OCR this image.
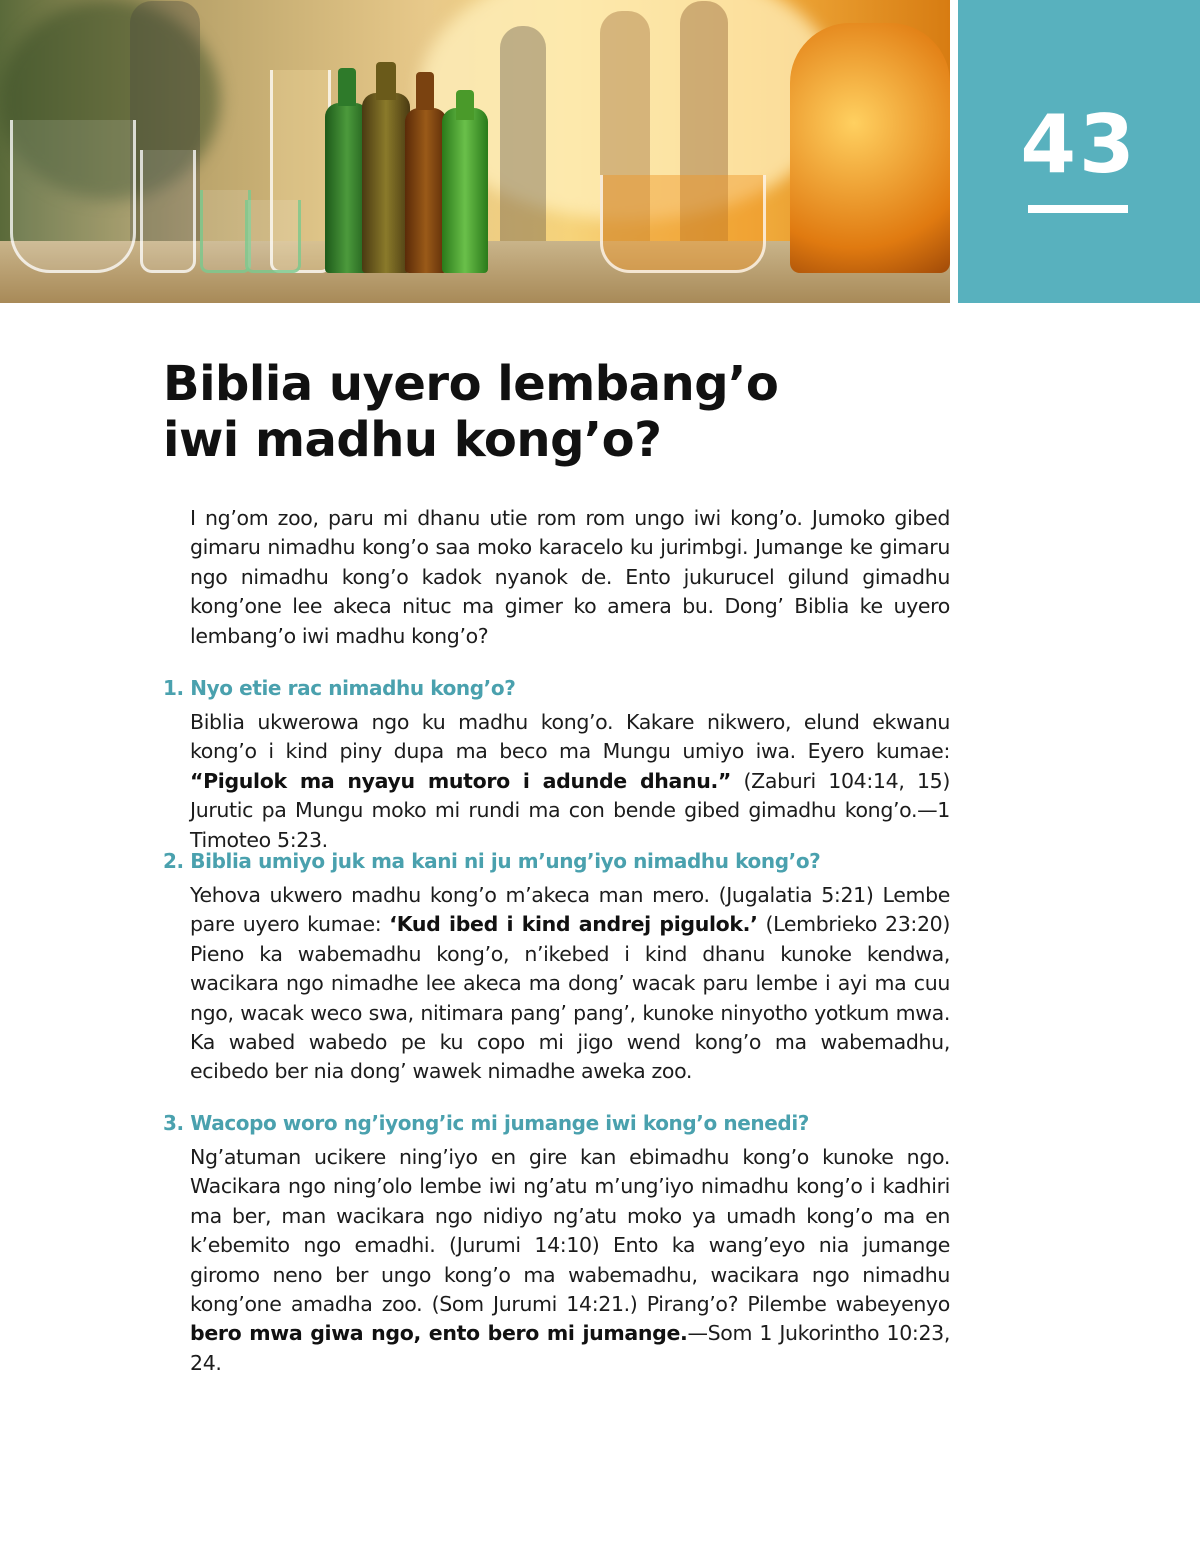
43
Biblia uyero lembang’o
iwi madhu kong’o?

I ng’om zoo, paru mi dhanu utie rom rom ungo iwi kong’o. Jumoko gibed gimaru nimadhu kong’o saa moko karacelo ku jurimbgi. Jumange ke gimaru ngo nimadhu kong’o kadok nyanok de. Ento jukurucel gilund gimadhu kong’one lee akeca nituc ma gimer ko amera bu. Dong’ Biblia ke uyero lembang’o iwi madhu kong’o?

1. Nyo etie rac nimadhu kong’o?

Biblia ukwerowa ngo ku madhu kong’o. Kakare nikwero, elund ekwanu kong’o i kind piny dupa ma beco ma Mungu umiyo iwa. Eyero kumae: “Pigulok ma nyayu mutoro i adunde dhanu.” (Zaburi 104:14, 15) Jurutic pa Mungu moko mi rundi ma con bende gibed gimadhu kong’o.—1 Timoteo 5:23.

2. Biblia umiyo juk ma kani ni ju m’ung’iyo nimadhu kong’o?

Yehova ukwero madhu kong’o m’akeca man mero. (Jugalatia 5:21) Lembe pare uyero kumae: ‘Kud ibed i kind andrej pigulok.’ (Lembrieko 23:20) Pieno ka wabemadhu kong’o, n’ikebed i kind dhanu kunoke kendwa, wacikara ngo nimadhe lee akeca ma dong’ wacak paru lembe i ayi ma cuu ngo, wacak weco swa, nitimara pang’ pang’, kunoke ninyotho yotkum mwa. Ka wabed wabedo pe ku copo mi jigo wend kong’o ma wabemadhu, ecibedo ber nia dong’ wawek nimadhe aweka zoo.

3. Wacopo woro ng’iyong’ic mi jumange iwi kong’o nenedi?

Ng’atuman ucikere ning’iyo en gire kan ebimadhu kong’o kunoke ngo. Wacikara ngo ning’olo lembe iwi ng’atu m’ung’iyo nimadhu kong’o i kadhiri ma ber, man wacikara ngo nidiyo ng’atu moko ya umadh kong’o ma en k’ebemito ngo emadhi. (Jurumi 14:10) Ento ka wang’eyo nia jumange giromo neno ber ungo kong’o ma wabemadhu, wacikara ngo nimadhu kong’one amadha zoo. (Som Jurumi 14:21.) Pirang’o? Pilembe wabeyenyo bero mwa giwa ngo, ento bero mi jumange.—Som 1 Jukorintho 10:23, 24.
